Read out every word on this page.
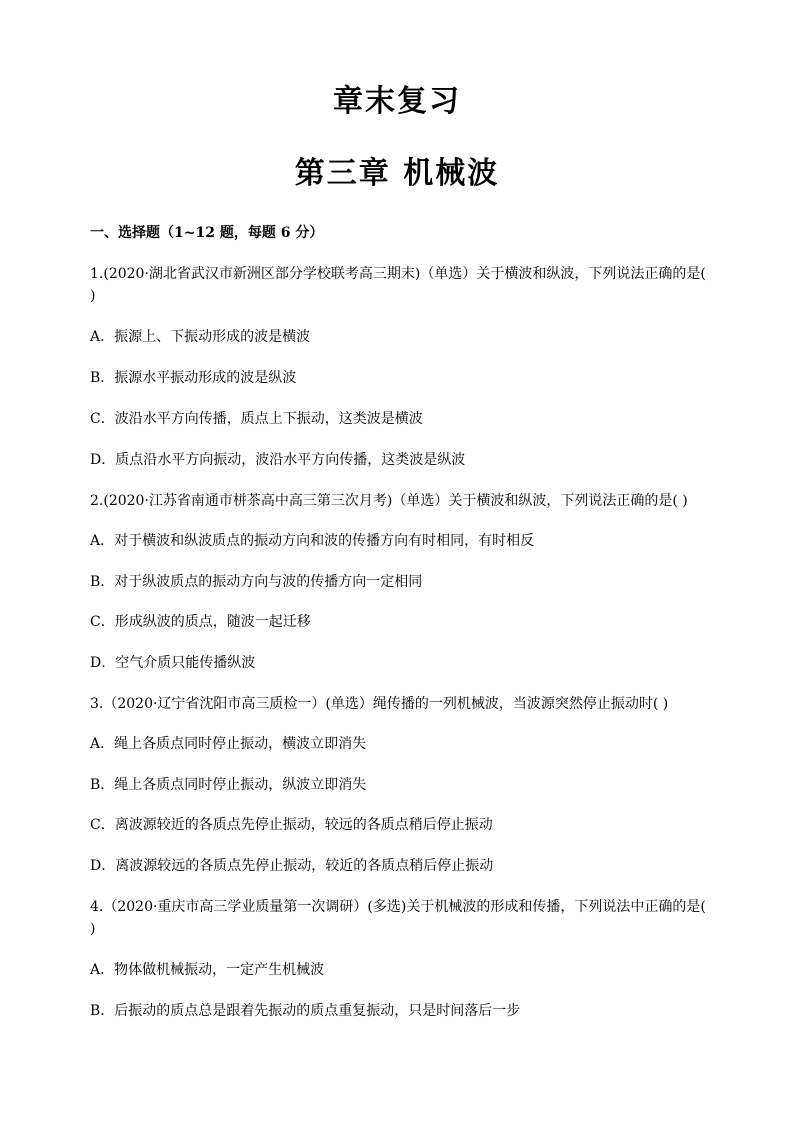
章末复习
第三章 机械波
一、选择题（1~12 题，每题 6 分）
1.(2020·湖北省武汉市新洲区部分学校联考高三期末)（单选）关于横波和纵波，下列说法正确的是(
)
A．振源上、下振动形成的波是横波
B．振源水平振动形成的波是纵波
C．波沿水平方向传播，质点上下振动，这类波是横波
D．质点沿水平方向振动，波沿水平方向传播，这类波是纵波
2.(2020·江苏省南通市栟茶高中高三第三次月考)（单选）关于横波和纵波，下列说法正确的是( )
A．对于横波和纵波质点的振动方向和波的传播方向有时相同，有时相反
B．对于纵波质点的振动方向与波的传播方向一定相同
C．形成纵波的质点，随波一起迁移
D．空气介质只能传播纵波
3.（2020·辽宁省沈阳市高三质检一）(单选）绳传播的一列机械波，当波源突然停止振动时( )
A．绳上各质点同时停止振动，横波立即消失
B．绳上各质点同时停止振动，纵波立即消失
C．离波源较近的各质点先停止振动，较远的各质点稍后停止振动
D．离波源较远的各质点先停止振动，较近的各质点稍后停止振动
4.（2020·重庆市高三学业质量第一次调研）(多选)关于机械波的形成和传播，下列说法中正确的是(
)
A．物体做机械振动，一定产生机械波
B．后振动的质点总是跟着先振动的质点重复振动，只是时间落后一步
